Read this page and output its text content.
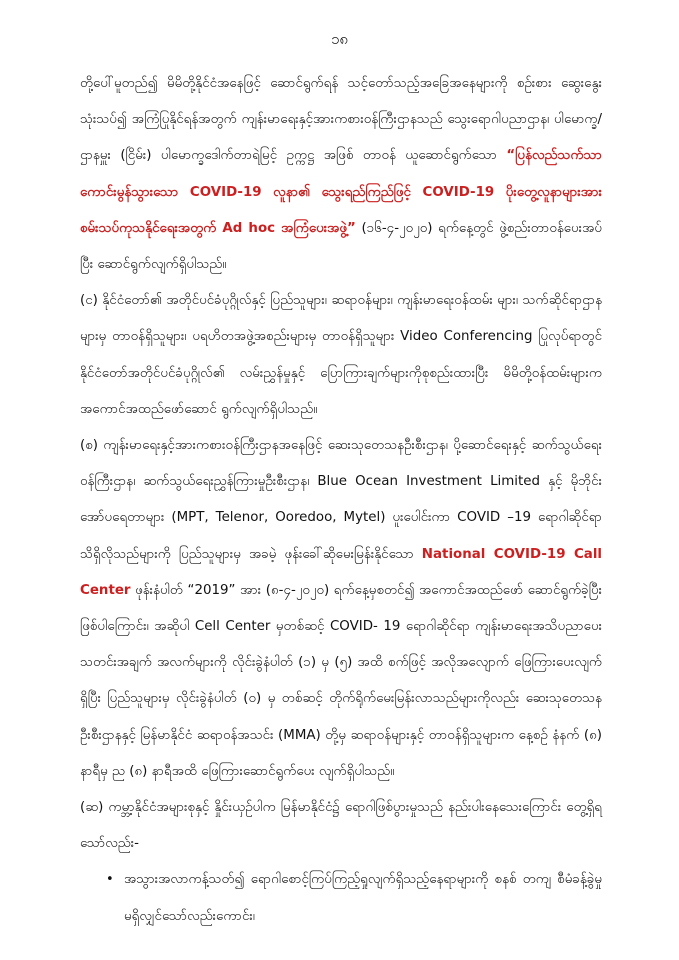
၁၈

တို့ပေါ်မူတည်၍ မိမိတို့နိုင်ငံအနေဖြင့် ဆောင်ရွက်ရန် သင့်တော်သည့်အခြေအနေများကို စဉ်းစား ဆွေးနွေးသုံးသပ်၍ အကြံပြုနိုင်ရန်အတွက် ကျန်းမာရေးနှင့်အားကစားဝန်ကြီးဌာနသည် သွေးရောဂါပညာဌာန၊ ပါမောက္ခ/ ဌာနမှူး (ငြိမ်း) ပါမောက္ခဒေါက်တာရဲမြင့် ဥက္ကဋ္ဌ အဖြစ် တာဝန် ယူဆောင်ရွက်သော “ပြန်လည်သက်သာကောင်းမွန်သွားသော COVID-19 လူနာ၏ သွေးရည်ကြည်ဖြင့် COVID-19 ပိုးတွေ့လူနာများအား စမ်းသပ်ကုသနိုင်ရေးအတွက် Ad hoc အကြံပေးအဖွဲ့” (၁၆-၄-၂၀၂၀) ရက်နေ့တွင် ဖွဲ့စည်းတာဝန်ပေးအပ်ပြီး ဆောင်ရွက်လျက်ရှိပါသည်။

(င) နိုင်ငံတော်၏ အတိုင်ပင်ခံပုဂ္ဂိုလ်နှင့် ပြည်သူများ၊ ဆရာဝန်များ၊ ကျန်းမာရေးဝန်ထမ်း များ၊ သက်ဆိုင်ရာဌာနများမှ တာဝန်ရှိသူများ၊ ပရဟိတအဖွဲ့အစည်းများမှ တာဝန်ရှိသူများ Video Conferencing ပြုလုပ်ရာတွင် နိုင်ငံတော်အတိုင်ပင်ခံပုဂ္ဂိုလ်၏ လမ်းညွှန်မှုနှင့် ပြောကြားချက်များကိုစုစည်းထားပြီး မိမိတို့ဝန်ထမ်းများက အကောင်အထည်ဖော်ဆောင် ရွက်လျက်ရှိပါသည်။

(စ) ကျန်းမာရေးနှင့်အားကစားဝန်ကြီးဌာနအနေဖြင့် ဆေးသုတေသနဦးစီးဌာန၊ ပို့ဆောင်ရေးနှင့် ဆက်သွယ်ရေးဝန်ကြီးဌာန၊ ဆက်သွယ်ရေးညွှန်ကြားမှုဦးစီးဌာန၊ Blue Ocean Investment Limited နှင့် မိုဘိုင်းအော်ပရေတာများ (MPT, Telenor, Ooredoo, Mytel) ပူးပေါင်းကာ COVID –19 ရောဂါဆိုင်ရာ သိရှိလိုသည်များကို ပြည်သူများမှ အခမဲ့ ဖုန်းခေါ်ဆိုမေးမြန်းနိုင်သော National COVID-19 Call Center ဖုန်းနံပါတ် “2019” အား (၈-၄-၂၀၂၀) ရက်နေ့မှစတင်၍ အကောင်အထည်ဖော် ဆောင်ရွက်ခဲ့ပြီးဖြစ်ပါကြောင်း၊ အဆိုပါ Cell Center မှတစ်ဆင့် COVID- 19 ရောဂါဆိုင်ရာ ကျန်းမာရေးအသိပညာပေး သတင်းအချက် အလက်များကို လိုင်းခွဲနံပါတ် (၁) မှ (၅) အထိ စက်ဖြင့် အလိုအလျောက် ဖြေကြားပေးလျက် ရှိပြီး ပြည်သူများမှ လိုင်းခွဲနံပါတ် (၀) မှ တစ်ဆင့် တိုက်ရိုက်မေးမြန်းလာသည်များကိုလည်း ဆေးသုတေသနဦးစီးဌာနနှင့် မြန်မာနိုင်ငံ ဆရာဝန်အသင်း (MMA) တို့မှ ဆရာဝန်များနှင့် တာဝန်ရှိသူများက နေ့စဉ် နံနက် (၈) နာရီမှ ည (၈) နာရီအထိ ဖြေကြားဆောင်ရွက်ပေး လျက်ရှိပါသည်။

(ဆ) ကမ္ဘာ့နိုင်ငံအများစုနှင့် နှိုင်းယှဉ်ပါက မြန်မာနိုင်ငံ၌ ရောဂါဖြစ်ပွားမှုသည် နည်းပါးနေသေးကြောင်း တွေ့ရှိရသော်လည်း-

• အသွားအလာကန့်သတ်၍ ရောဂါစောင့်ကြပ်ကြည့်ရှုလျက်ရှိသည့်နေရာများကို စနစ် တကျ စီမံခန့်ခွဲမှု မရှိလျှင်သော်လည်းကောင်း၊
